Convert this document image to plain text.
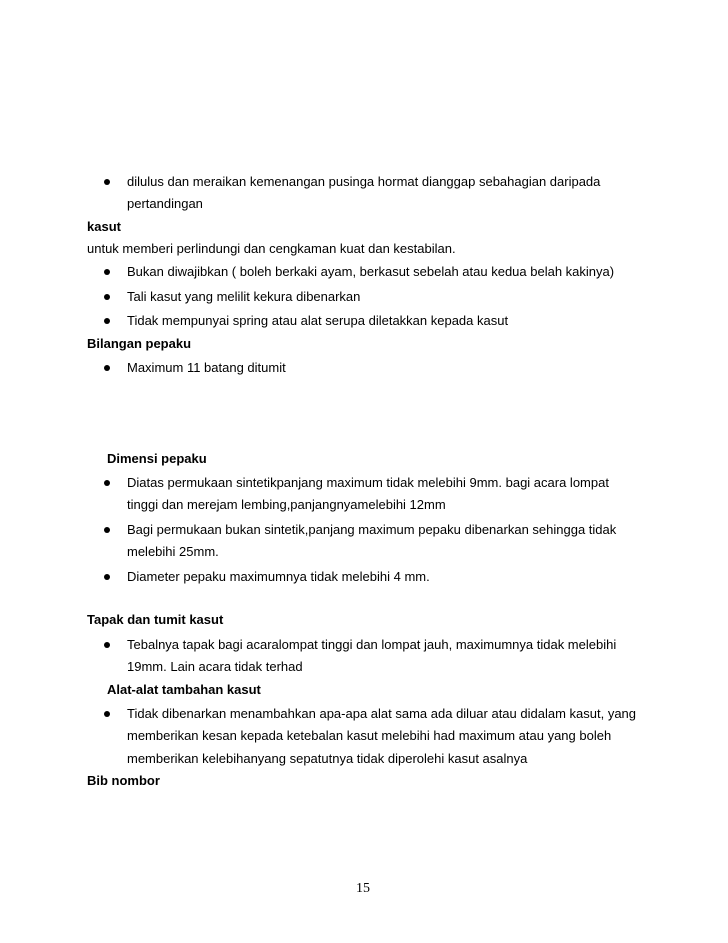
dilulus dan meraikan kemenangan pusinga hormat dianggap sebahagian daripada
pertandingan
kasut
untuk memberi perlindungi dan cengkaman kuat dan kestabilan.
Bukan diwajibkan ( boleh berkaki ayam, berkasut sebelah atau kedua belah kakinya)
Tali kasut yang melilit kekura dibenarkan
Tidak mempunyai spring atau alat serupa diletakkan kepada kasut
Bilangan pepaku
Maximum 11 batang ditumit
Dimensi pepaku
Diatas permukaan sintetikpanjang maximum tidak melebihi 9mm. bagi acara lompat
tinggi dan merejam lembing,panjangnyamelebihi 12mm
Bagi permukaan bukan sintetik,panjang maximum pepaku dibenarkan sehingga tidak
melebihi 25mm.
Diameter pepaku maximumnya tidak melebihi 4 mm.
Tapak dan tumit kasut
Tebalnya tapak bagi acaralompat tinggi dan lompat jauh, maximumnya tidak melebihi
19mm. Lain acara tidak terhad
Alat-alat tambahan kasut
Tidak dibenarkan menambahkan apa-apa alat sama ada diluar atau didalam kasut, yang
memberikan kesan kepada ketebalan kasut melebihi had maximum atau yang boleh
memberikan kelebihanyang sepatutnya tidak diperolehi kasut asalnya
Bib nombor
15
